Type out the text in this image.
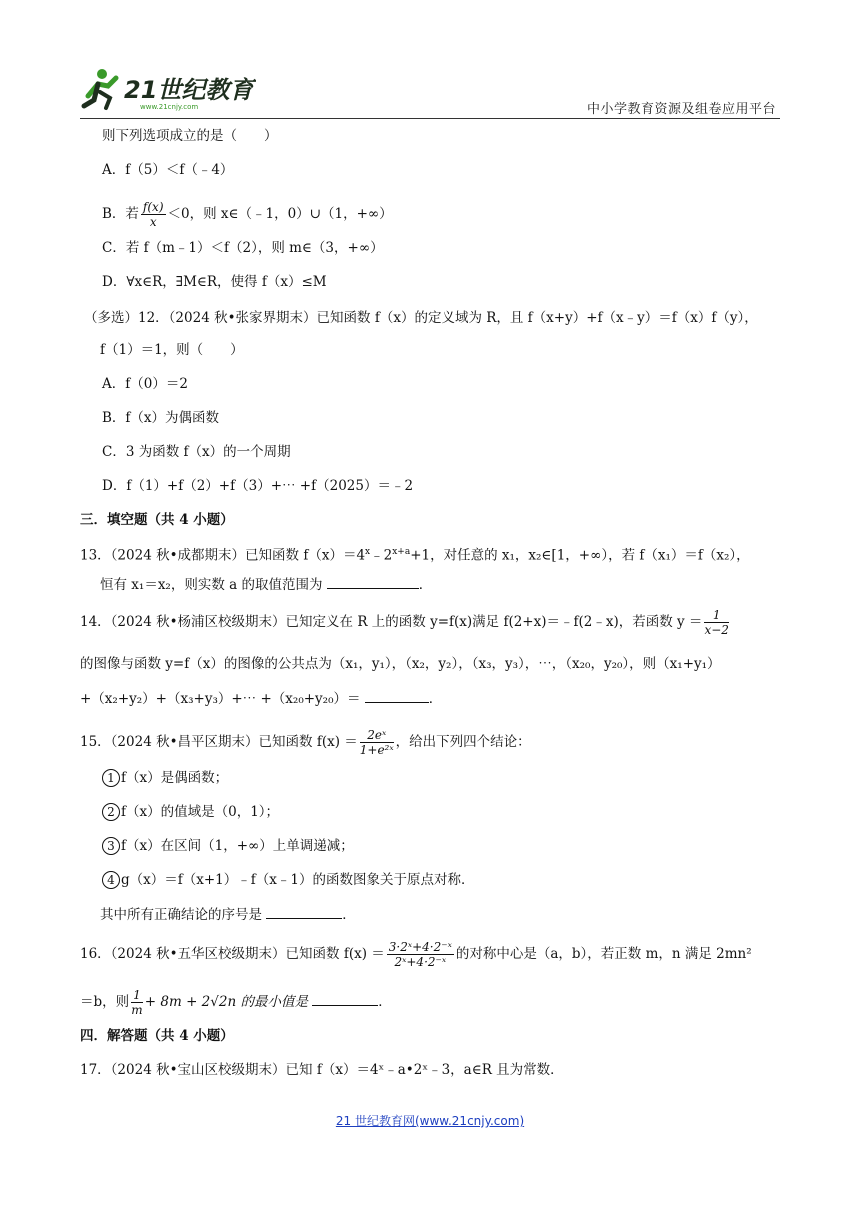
21世纪教育
www.21cnjy.com	中小学教育资源及组卷应用平台
则下列选项成立的是（　　）
A．f（5）＜f（﹣4）
B．若 $\frac{f(x)}{x} <0$，则 x∈（﹣1，0）∪（1，+∞）
C．若 f（m﹣1）＜f（2），则 m∈（3，+∞）
D．∀x∈R，∃M∈R，使得 f（x）≤M
（多选）12．（2024 秋•张家界期末）已知函数 f（x）的定义域为 R，且 f（x+y）+f（x﹣y）＝f（x）f（y），
f（1）＝1，则（　　）
A．f（0）＝2
B．f（x）为偶函数
C．3 为函数 f（x）的一个周期
D．f（1）+f（2）+f（3）+⋯ +f（2025）＝﹣2
三．填空题（共 4 小题）
13．（2024 秋•成都期末）已知函数 $f(x)=4^x﹣2^{x+a}+1$，对任意的 x₁，x₂∈[1，+∞），若 f（x₁）＝f（x₂），
恒有 x₁＝x₂，则实数 a 的取值范围为	．
14．（2024 秋•杨浦区校级期末）已知定义在 R 上的函数 y=f(x)满足 f(2+x)＝﹣f(2﹣x)，若函数 $y = \frac{1}{x-2}$
的图像与函数 y=f（x）的图像的公共点为（x₁，y₁），（x₂，y₂），（x₃，y₃），⋯，（x₂₀，y₂₀），则（x₁+y₁）
+（x₂+y₂）+（x₃+y₃）+⋯ +（x₂₀+y₂₀）＝	．
15．（2024 秋•昌平区期末）已知函数 $f(x) = \frac{\text{2eˣ}}{\text{1+e²ˣ}}$ ，给出下列四个结论：
1 f（x）是偶函数；
2 f（x）的值域是（0，1）；
3 f（x）在区间（1，+∞）上单调递减；
4 g（x）＝f（x+1）﹣f（x﹣1）的函数图象关于原点对称．
其中所有正确结论的序号是	．
16．（2024 秋•五华区校级期末）已知函数 $f(x) = \frac{\text{3·2ˣ+4·2⁻ˣ}}{\text{2ˣ+4·2⁻ˣ}}$ 的对称中心是（a，b），若正数 m，n 满足 2mn²
＝b，则 $\frac{1}{m} + 8m + 2√2n$ 的最小值是	．
四．解答题（共 4 小题）
17．（2024 秋•宝山区校级期末）已知 f（x）＝4ˣ﹣a•2ˣ﹣3，a∈R 且为常数．
21 世纪教育网(www.21cnjy.com)
